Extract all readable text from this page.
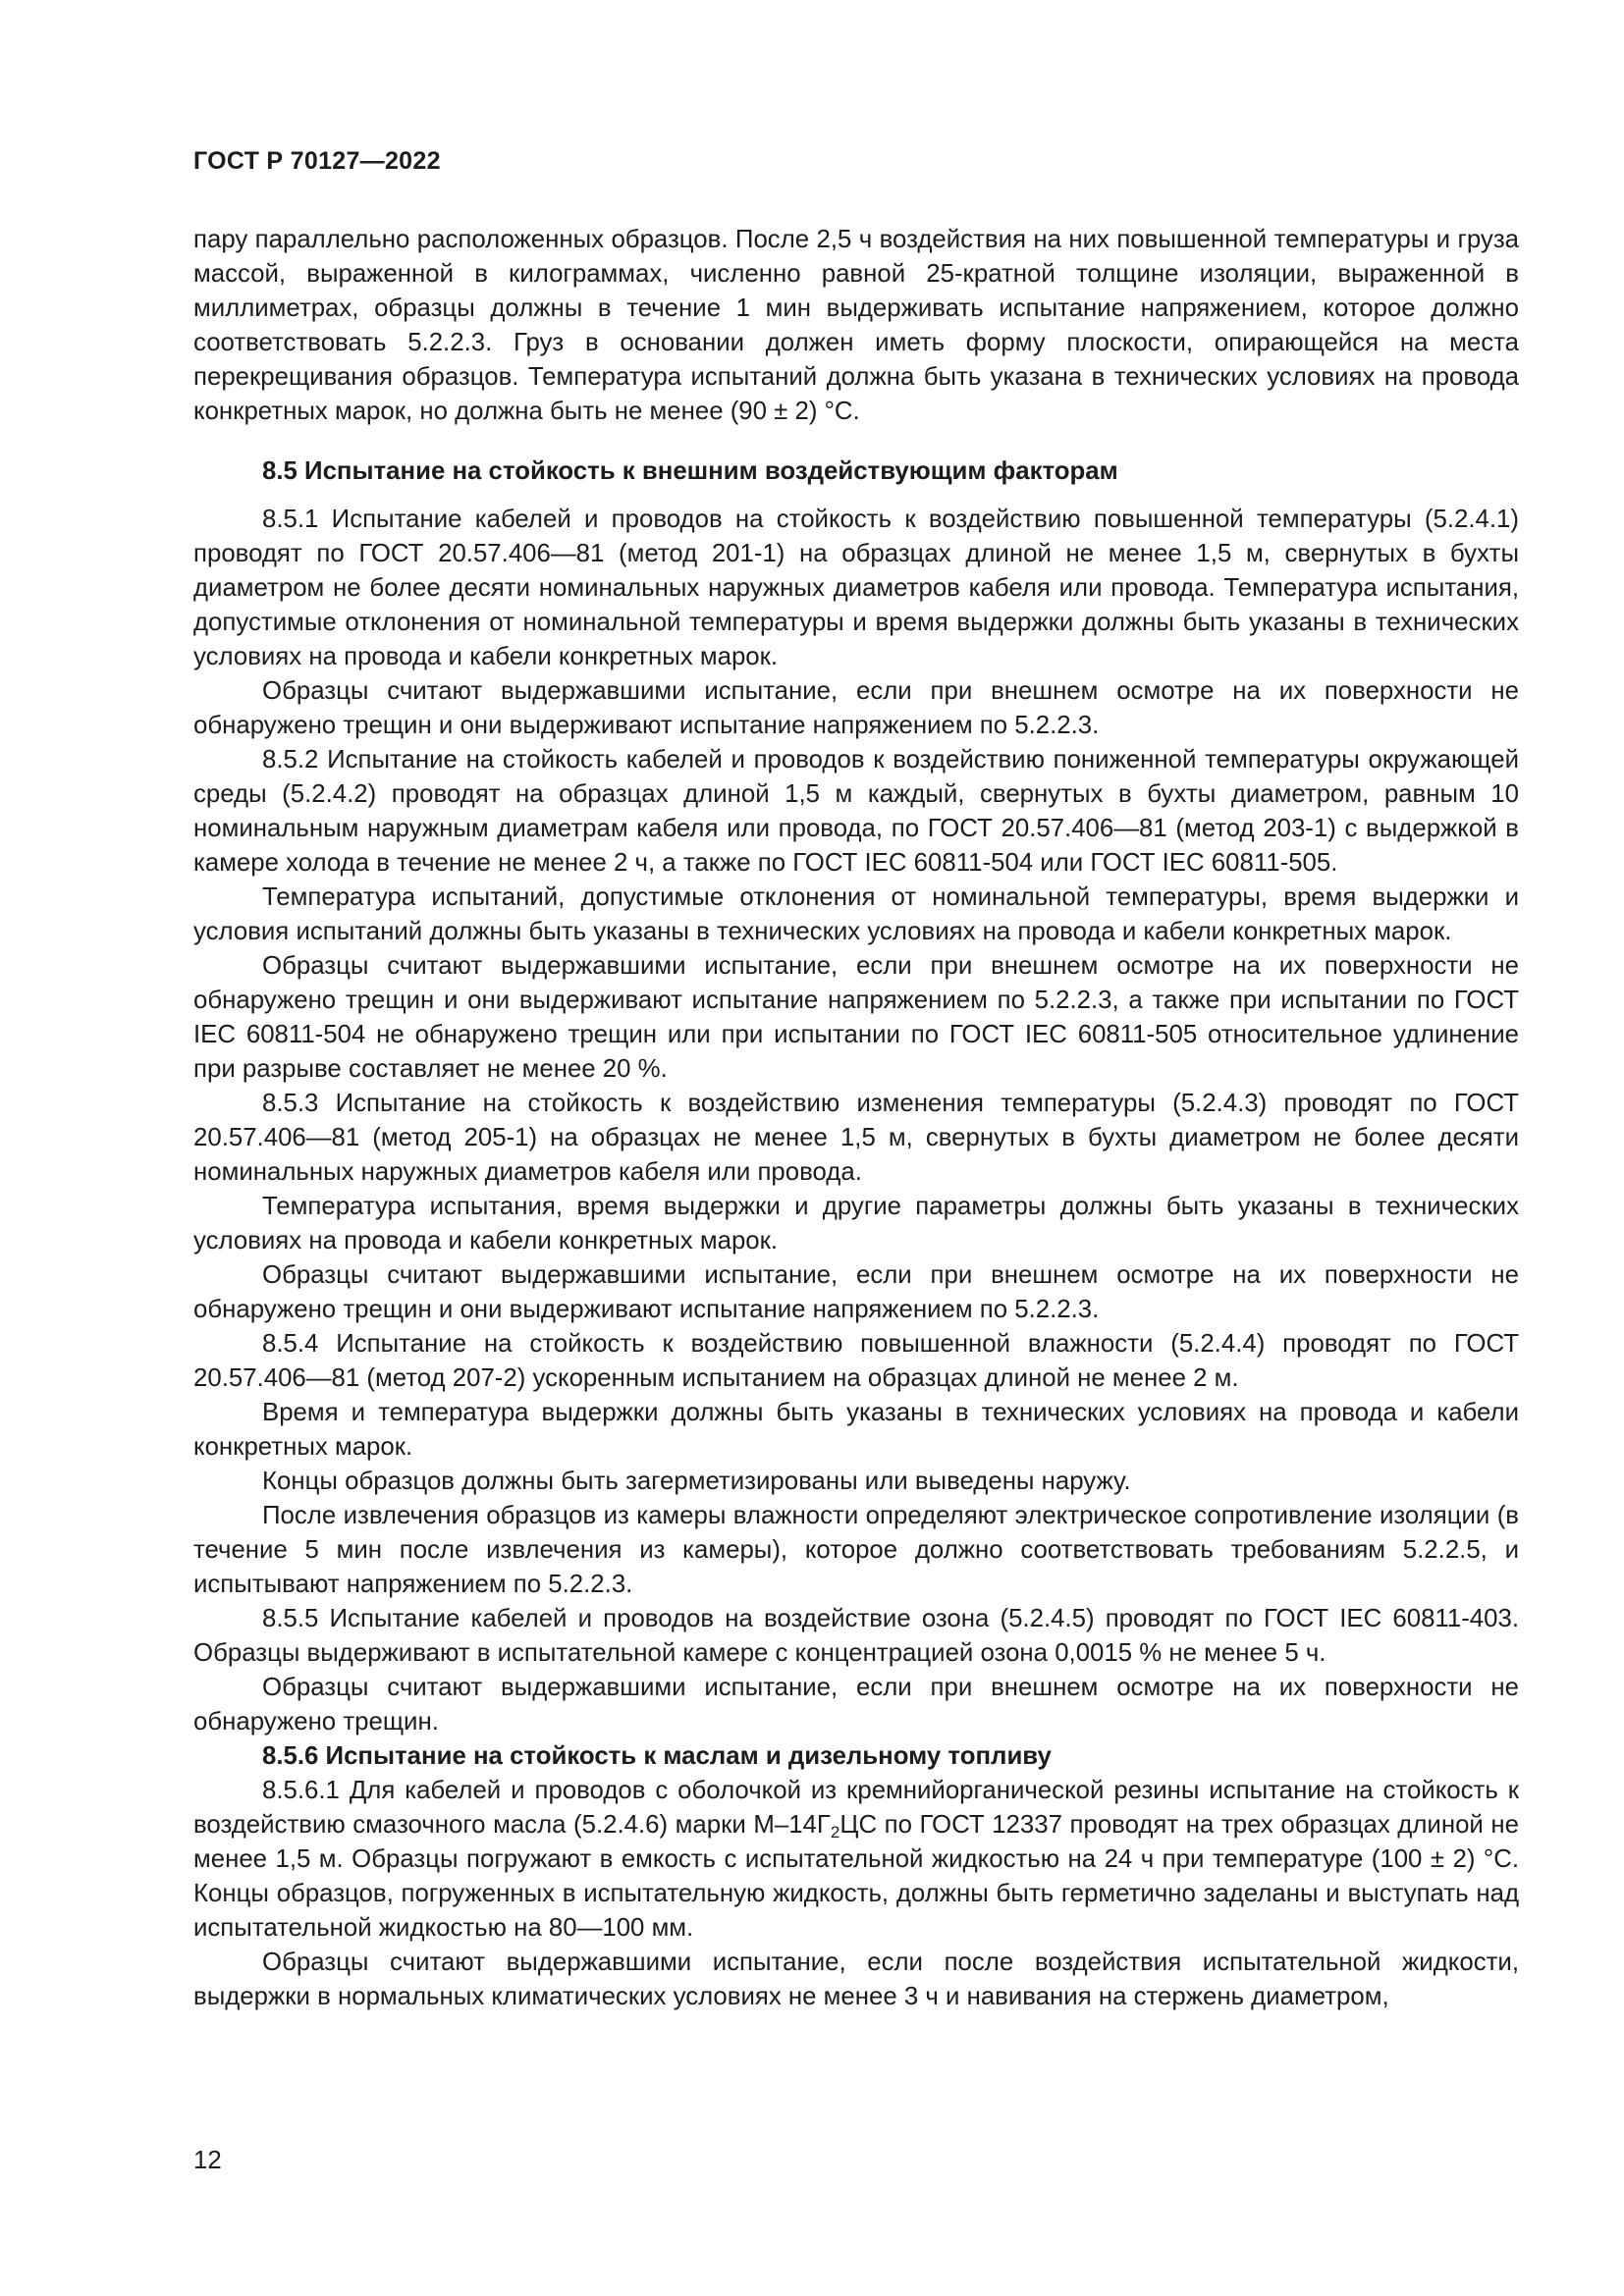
ГОСТ Р 70127—2022

пару параллельно расположенных образцов. После 2,5 ч воздействия на них повышенной температуры и груза массой, выраженной в килограммах, численно равной 25-кратной толщине изоляции, выраженной в миллиметрах, образцы должны в течение 1 мин выдерживать испытание напряжением, которое должно соответствовать 5.2.2.3. Груз в основании должен иметь форму плоскости, опирающейся на места перекрещивания образцов. Температура испытаний должна быть указана в технических условиях на провода конкретных марок, но должна быть не менее (90 ± 2) °С.

8.5 Испытание на стойкость к внешним воздействующим факторам

8.5.1 Испытание кабелей и проводов на стойкость к воздействию повышенной температуры (5.2.4.1) проводят по ГОСТ 20.57.406—81 (метод 201-1) на образцах длиной не менее 1,5 м, свернутых в бухты диаметром не более десяти номинальных наружных диаметров кабеля или провода. Температура испытания, допустимые отклонения от номинальной температуры и время выдержки должны быть указаны в технических условиях на провода и кабели конкретных марок.

Образцы считают выдержавшими испытание, если при внешнем осмотре на их поверхности не обнаружено трещин и они выдерживают испытание напряжением по 5.2.2.3.

8.5.2 Испытание на стойкость кабелей и проводов к воздействию пониженной температуры окружающей среды (5.2.4.2) проводят на образцах длиной 1,5 м каждый, свернутых в бухты диаметром, равным 10 номинальным наружным диаметрам кабеля или провода, по ГОСТ 20.57.406—81 (метод 203-1) с выдержкой в камере холода в течение не менее 2 ч, а также по ГОСТ IEC 60811-504 или ГОСТ IEC 60811-505.

Температура испытаний, допустимые отклонения от номинальной температуры, время выдержки и условия испытаний должны быть указаны в технических условиях на провода и кабели конкретных марок.

Образцы считают выдержавшими испытание, если при внешнем осмотре на их поверхности не обнаружено трещин и они выдерживают испытание напряжением по 5.2.2.3, а также при испытании по ГОСТ IEC 60811-504 не обнаружено трещин или при испытании по ГОСТ IEC 60811-505 относительное удлинение при разрыве составляет не менее 20 %.

8.5.3 Испытание на стойкость к воздействию изменения температуры (5.2.4.3) проводят по ГОСТ 20.57.406—81 (метод 205-1) на образцах не менее 1,5 м, свернутых в бухты диаметром не более десяти номинальных наружных диаметров кабеля или провода.

Температура испытания, время выдержки и другие параметры должны быть указаны в технических условиях на провода и кабели конкретных марок.

Образцы считают выдержавшими испытание, если при внешнем осмотре на их поверхности не обнаружено трещин и они выдерживают испытание напряжением по 5.2.2.3.

8.5.4 Испытание на стойкость к воздействию повышенной влажности (5.2.4.4) проводят по ГОСТ 20.57.406—81 (метод 207-2) ускоренным испытанием на образцах длиной не менее 2 м.

Время и температура выдержки должны быть указаны в технических условиях на провода и кабели конкретных марок.

Концы образцов должны быть загерметизированы или выведены наружу.

После извлечения образцов из камеры влажности определяют электрическое сопротивление изоляции (в течение 5 мин после извлечения из камеры), которое должно соответствовать требованиям 5.2.2.5, и испытывают напряжением по 5.2.2.3.

8.5.5 Испытание кабелей и проводов на воздействие озона (5.2.4.5) проводят по ГОСТ IEC 60811-403. Образцы выдерживают в испытательной камере с концентрацией озона 0,0015 % не менее 5 ч.

Образцы считают выдержавшими испытание, если при внешнем осмотре на их поверхности не обнаружено трещин.

8.5.6 Испытание на стойкость к маслам и дизельному топливу

8.5.6.1 Для кабелей и проводов с оболочкой из кремнийорганической резины испытание на стойкость к воздействию смазочного масла (5.2.4.6) марки $М-14Г_2ЦС$ по ГОСТ 12337 проводят на трех образцах длиной не менее 1,5 м. Образцы погружают в емкость с испытательной жидкостью на 24 ч при температуре (100 ± 2) °С. Концы образцов, погруженных в испытательную жидкость, должны быть герметично заделаны и выступать над испытательной жидкостью на 80—100 мм.

Образцы считают выдержавшими испытание, если после воздействия испытательной жидкости, выдержки в нормальных климатических условиях не менее 3 ч и навивания на стержень диаметром,

12
